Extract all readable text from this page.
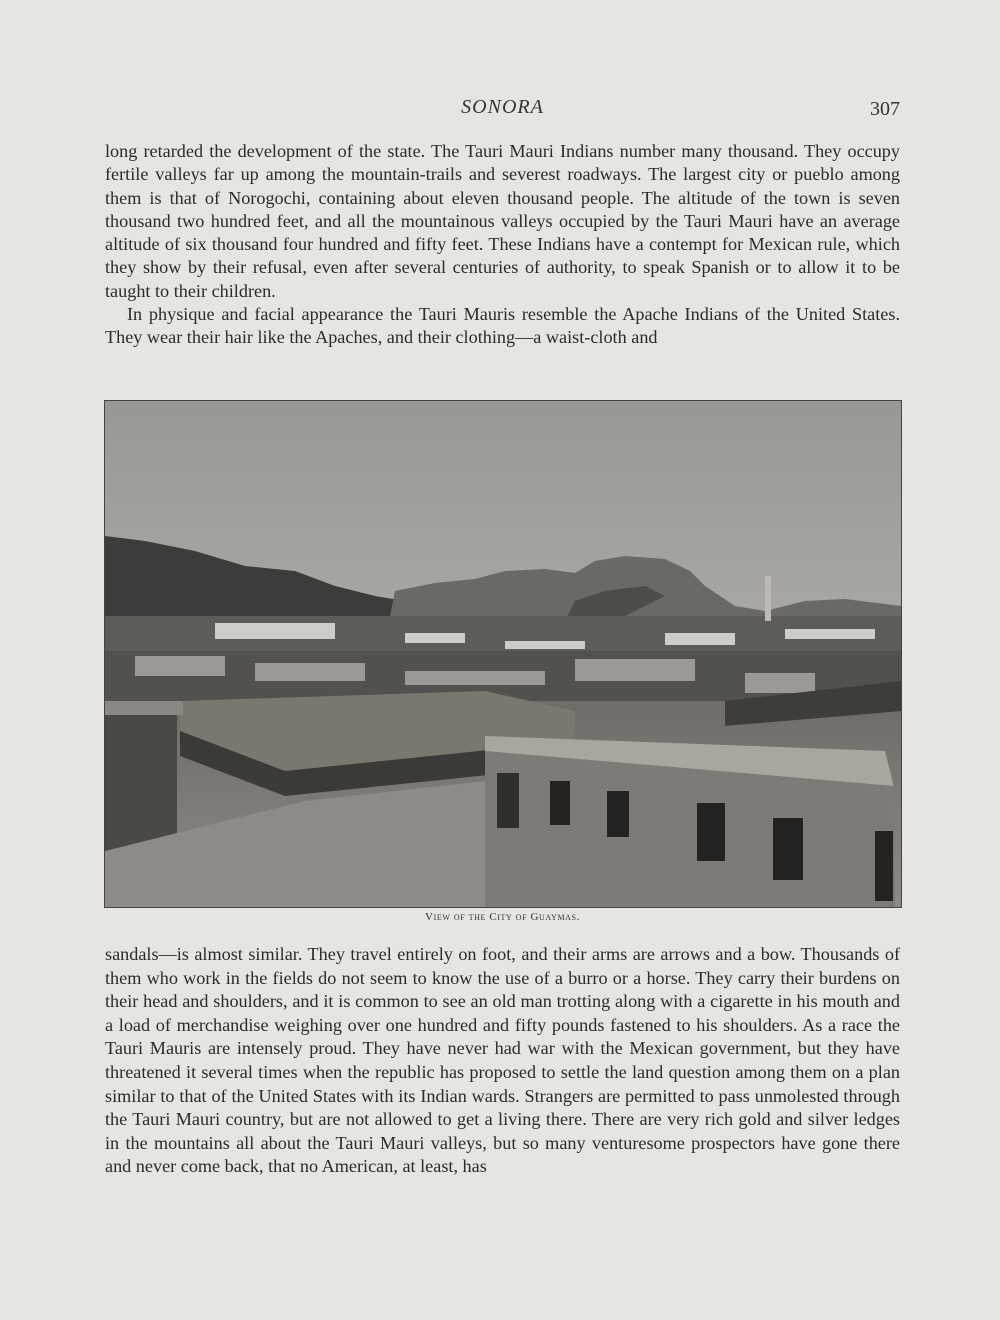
SONORA	307

long retarded the development of the state. The Tauri Mauri Indians number many thousand. They occupy fertile valleys far up among the mountain-trails and severest roadways. The largest city or pueblo among them is that of Norogochi, containing about eleven thousand people. The altitude of the town is seven thousand two hundred feet, and all the mountainous valleys occupied by the Tauri Mauri have an average altitude of six thousand four hundred and fifty feet. These Indians have a contempt for Mexican rule, which they show by their refusal, even after several centuries of authority, to speak Spanish or to allow it to be taught to their children.

In physique and facial appearance the Tauri Mauris resemble the Apache Indians of the United States. They wear their hair like the Apaches, and their clothing—a waist-cloth and

View of the City of Guaymas.

sandals—is almost similar. They travel entirely on foot, and their arms are arrows and a bow. Thousands of them who work in the fields do not seem to know the use of a burro or a horse. They carry their burdens on their head and shoulders, and it is common to see an old man trotting along with a cigarette in his mouth and a load of merchandise weighing over one hundred and fifty pounds fastened to his shoulders. As a race the Tauri Mauris are intensely proud. They have never had war with the Mexican government, but they have threatened it several times when the republic has proposed to settle the land question among them on a plan similar to that of the United States with its Indian wards. Strangers are permitted to pass unmolested through the Tauri Mauri country, but are not allowed to get a living there. There are very rich gold and silver ledges in the mountains all about the Tauri Mauri valleys, but so many venturesome prospectors have gone there and never come back, that no American, at least, has
